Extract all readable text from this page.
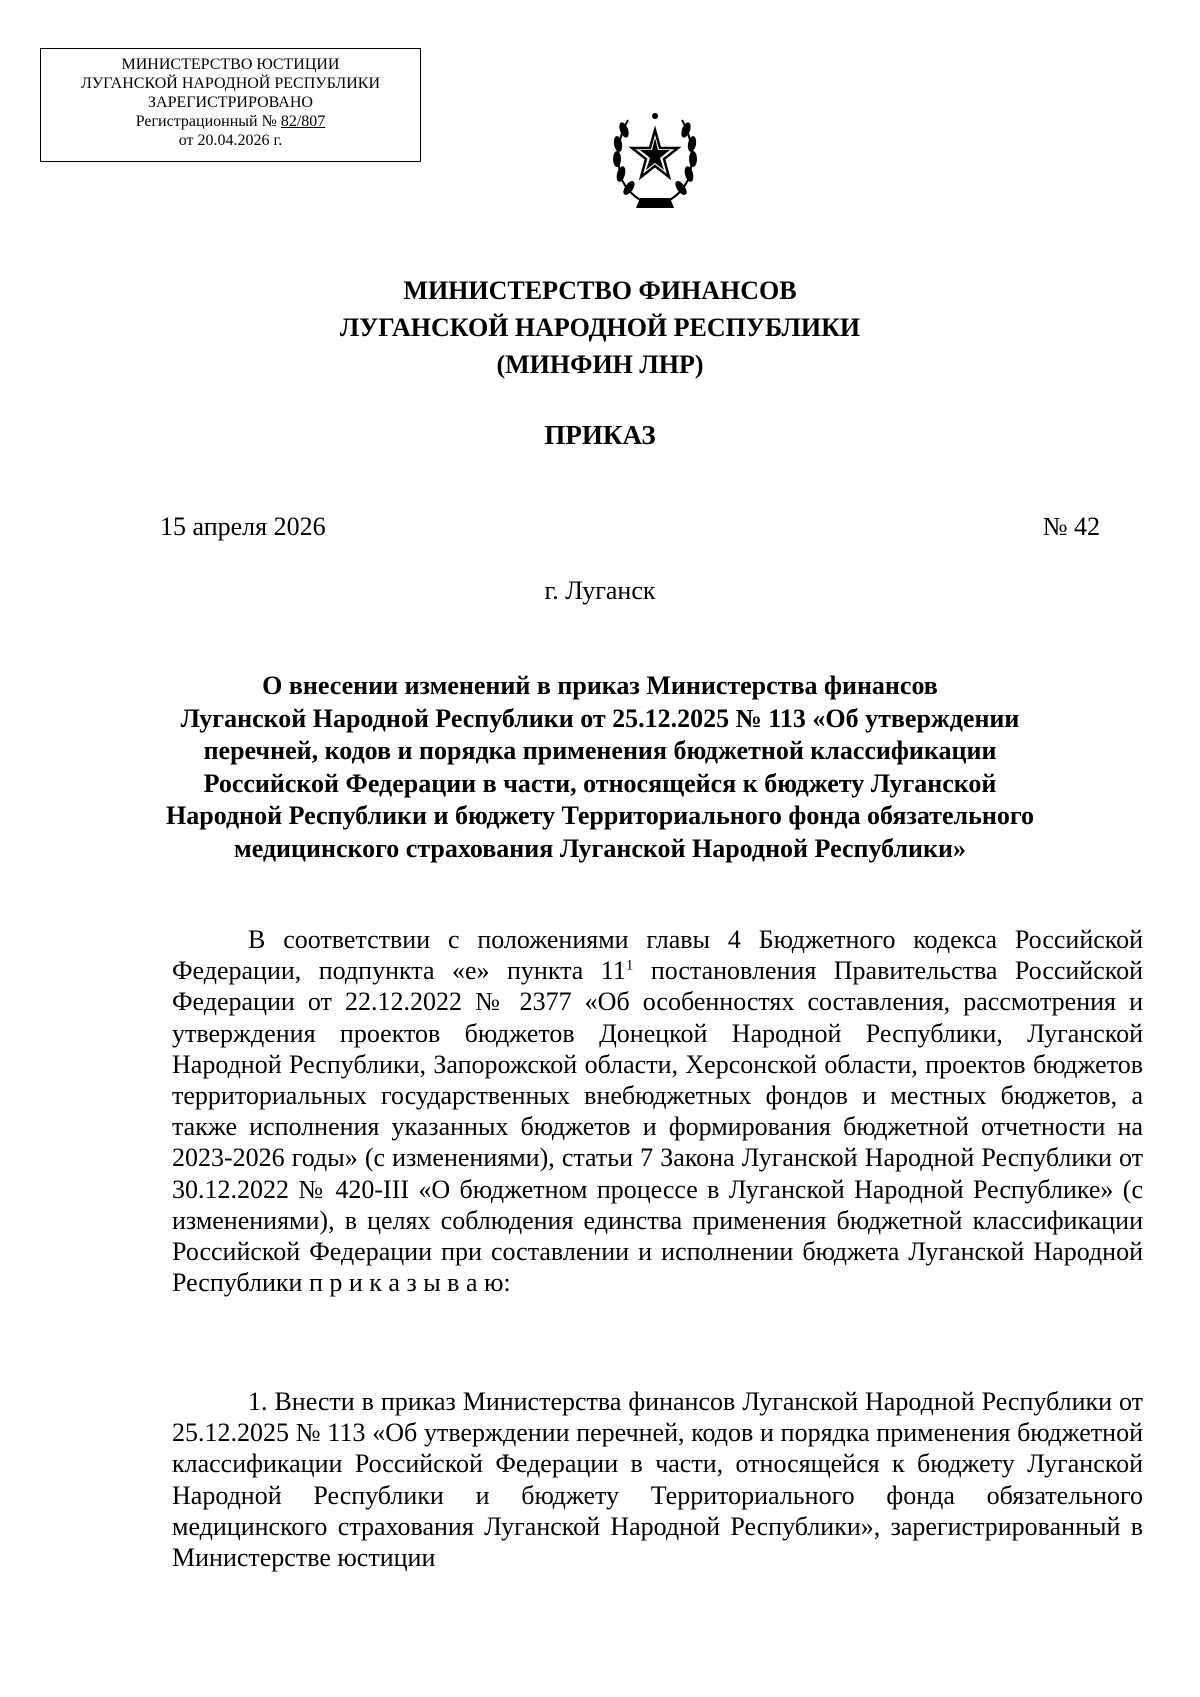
МИНИСТЕРСТВО ЮСТИЦИИ
ЛУГАНСКОЙ НАРОДНОЙ РЕСПУБЛИКИ
ЗАРЕГИСТРИРОВАНО
Регистрационный № 82/807
от 20.04.2026 г.
МИНИСТЕРСТВО ФИНАНСОВ
ЛУГАНСКОЙ НАРОДНОЙ РЕСПУБЛИКИ
(МИНФИН ЛНР)
ПРИКАЗ
15 апреля 2026	№ 42
г. Луганск
О внесении изменений в приказ Министерства финансов
Луганской Народной Республики от 25.12.2025 № 113 «Об утверждении
перечней, кодов и порядка применения бюджетной классификации
Российской Федерации в части, относящейся к бюджету Луганской
Народной Республики и бюджету Территориального фонда обязательного
медицинского страхования Луганской Народной Республики»
В соответствии с положениями главы 4 Бюджетного кодекса Российской Федерации, подпункта «е» пункта $11^1$ постановления Правительства Российской Федерации от 22.12.2022 № 2377 «Об особенностях составления, рассмотрения и утверждения проектов бюджетов Донецкой Народной Республики, Луганской Народной Республики, Запорожской области, Херсонской области, проектов бюджетов территориальных государственных внебюджетных фондов и местных бюджетов, а также исполнения указанных бюджетов и формирования бюджетной отчетности на 2023-2026 годы» (с изменениями), статьи 7 Закона Луганской Народной Республики от 30.12.2022 № 420-III «О бюджетном процессе в Луганской Народной Республике» (с изменениями), в целях соблюдения единства применения бюджетной классификации Российской Федерации при составлении и исполнении бюджета Луганской Народной Республики п р и к а з ы в а ю:
1. Внести в приказ Министерства финансов Луганской Народной Республики от 25.12.2025 № 113 «Об утверждении перечней, кодов и порядка применения бюджетной классификации Российской Федерации в части, относящейся к бюджету Луганской Народной Республики и бюджету Территориального фонда обязательного медицинского страхования Луганской Народной Республики», зарегистрированный в Министерстве юстиции
